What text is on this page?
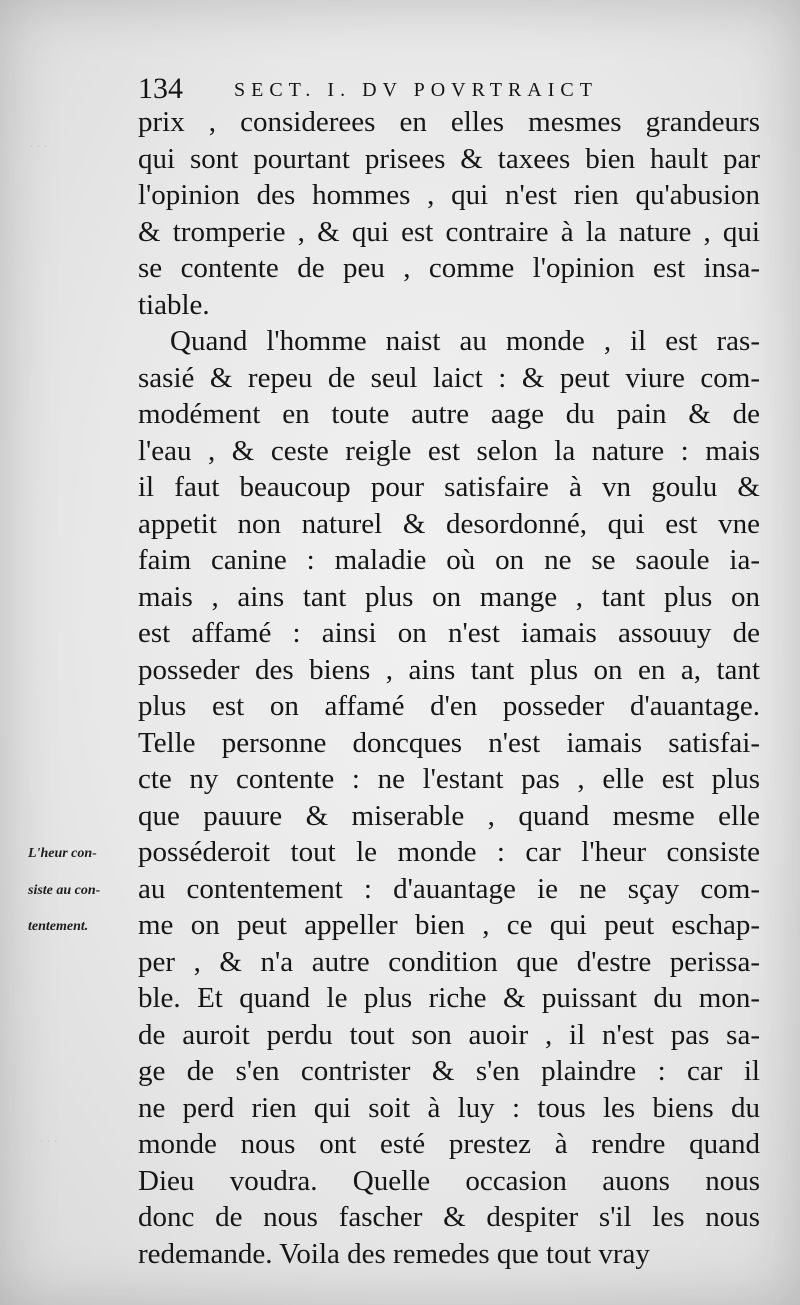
· · ·
· · ·
134	SECT. I. DV POVRTRAICT
prix , considerees en elles mesmes grandeurs
qui sont pourtant prisees & taxees bien hault par
l'opinion des hommes , qui n'est rien qu'abusion
& tromperie , & qui est contraire à la nature , qui
se contente de peu , comme l'opinion est insa-
tiable.
Quand l'homme naist au monde , il est ras-
sasié & repeu de seul laict : & peut viure com-
modément en toute autre aage du pain & de
l'eau , & ceste reigle est selon la nature : mais
il faut beaucoup pour satisfaire à vn goulu &
appetit non naturel & desordonné, qui est vne
faim canine : maladie où on ne se saoule ia-
mais , ains tant plus on mange , tant plus on
est affamé : ainsi on n'est iamais assouuy de
posseder des biens , ains tant plus on en a, tant
plus est on affamé d'en posseder d'auantage.
Telle personne doncques n'est iamais satisfai-
cte ny contente : ne l'estant pas , elle est plus
que pauure & miserable , quand mesme elle
posséderoit tout le monde : car l'heur consiste
au contentement : d'auantage ie ne sçay com-
me on peut appeller bien , ce qui peut eschap-
per , & n'a autre condition que d'estre perissa-
ble. Et quand le plus riche & puissant du mon-
de auroit perdu tout son auoir , il n'est pas sa-
ge de s'en contrister & s'en plaindre : car il
ne perd rien qui soit à luy : tous les biens du
monde nous ont esté prestez à rendre quand
Dieu voudra. Quelle occasion auons nous
donc de nous fascher & despiter s'il les nous
redemande. Voila des remedes que tout vray
L'heur con-
siste au con-
tentement.
